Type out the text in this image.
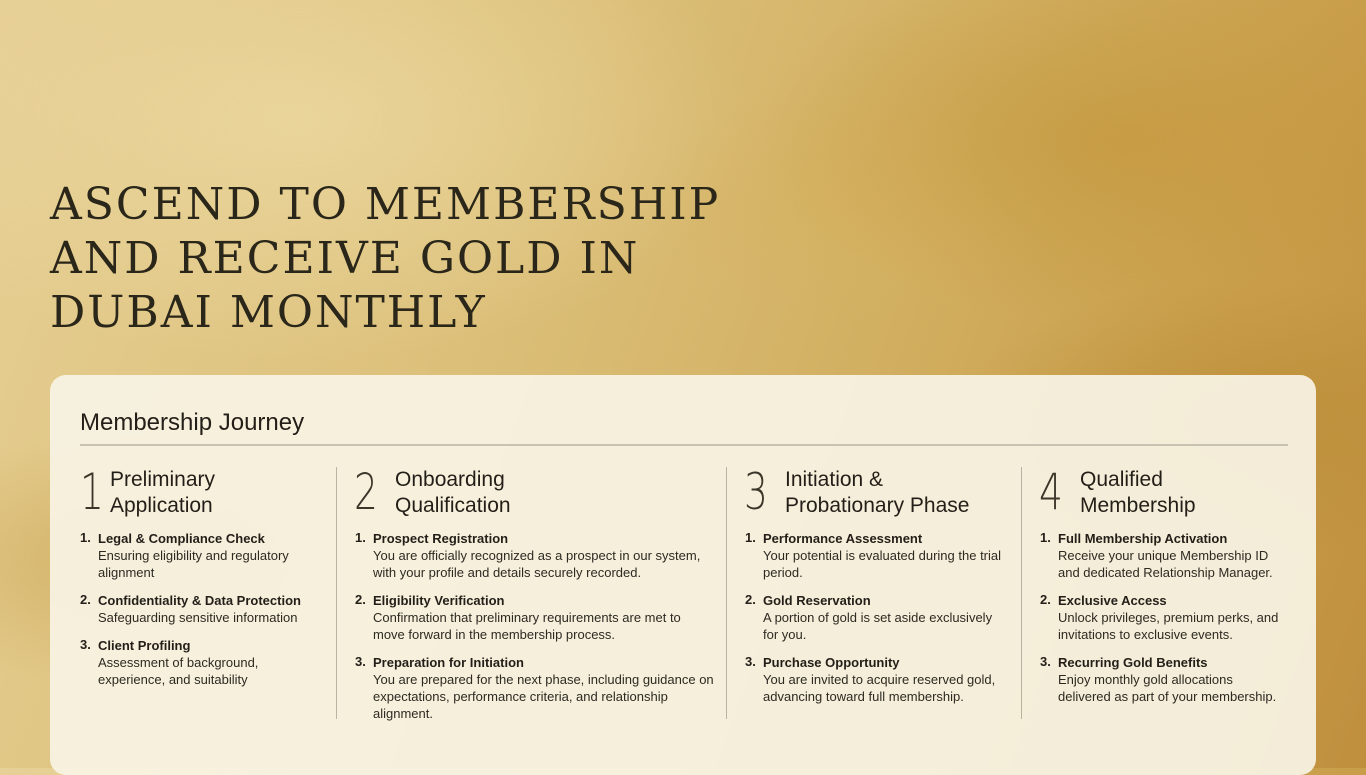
ASCEND TO MEMBERSHIP
AND RECEIVE GOLD IN
DUBAI MONTHLY
Membership Journey
1 Preliminary
Application
1. Legal & Compliance Check
Ensuring eligibility and regulatory alignment
2. Confidentiality & Data Protection
Safeguarding sensitive information
3. Client Profiling
Assessment of background, experience, and suitability
2 Onboarding
Qualification
1. Prospect Registration
You are officially recognized as a prospect in our system, with your profile and details securely recorded.
2. Eligibility Verification
Confirmation that preliminary requirements are met to move forward in the membership process.
3. Preparation for Initiation
You are prepared for the next phase, including guidance on expectations, performance criteria, and relationship alignment.
3 Initiation &
Probationary Phase
1. Performance Assessment
Your potential is evaluated during the trial period.
2. Gold Reservation
A portion of gold is set aside exclusively for you.
3. Purchase Opportunity
You are invited to acquire reserved gold, advancing toward full membership.
4 Qualified
Membership
1. Full Membership Activation
Receive your unique Membership ID and dedicated Relationship Manager.
2. Exclusive Access
Unlock privileges, premium perks, and invitations to exclusive events.
3. Recurring Gold Benefits
Enjoy monthly gold allocations delivered as part of your membership.
